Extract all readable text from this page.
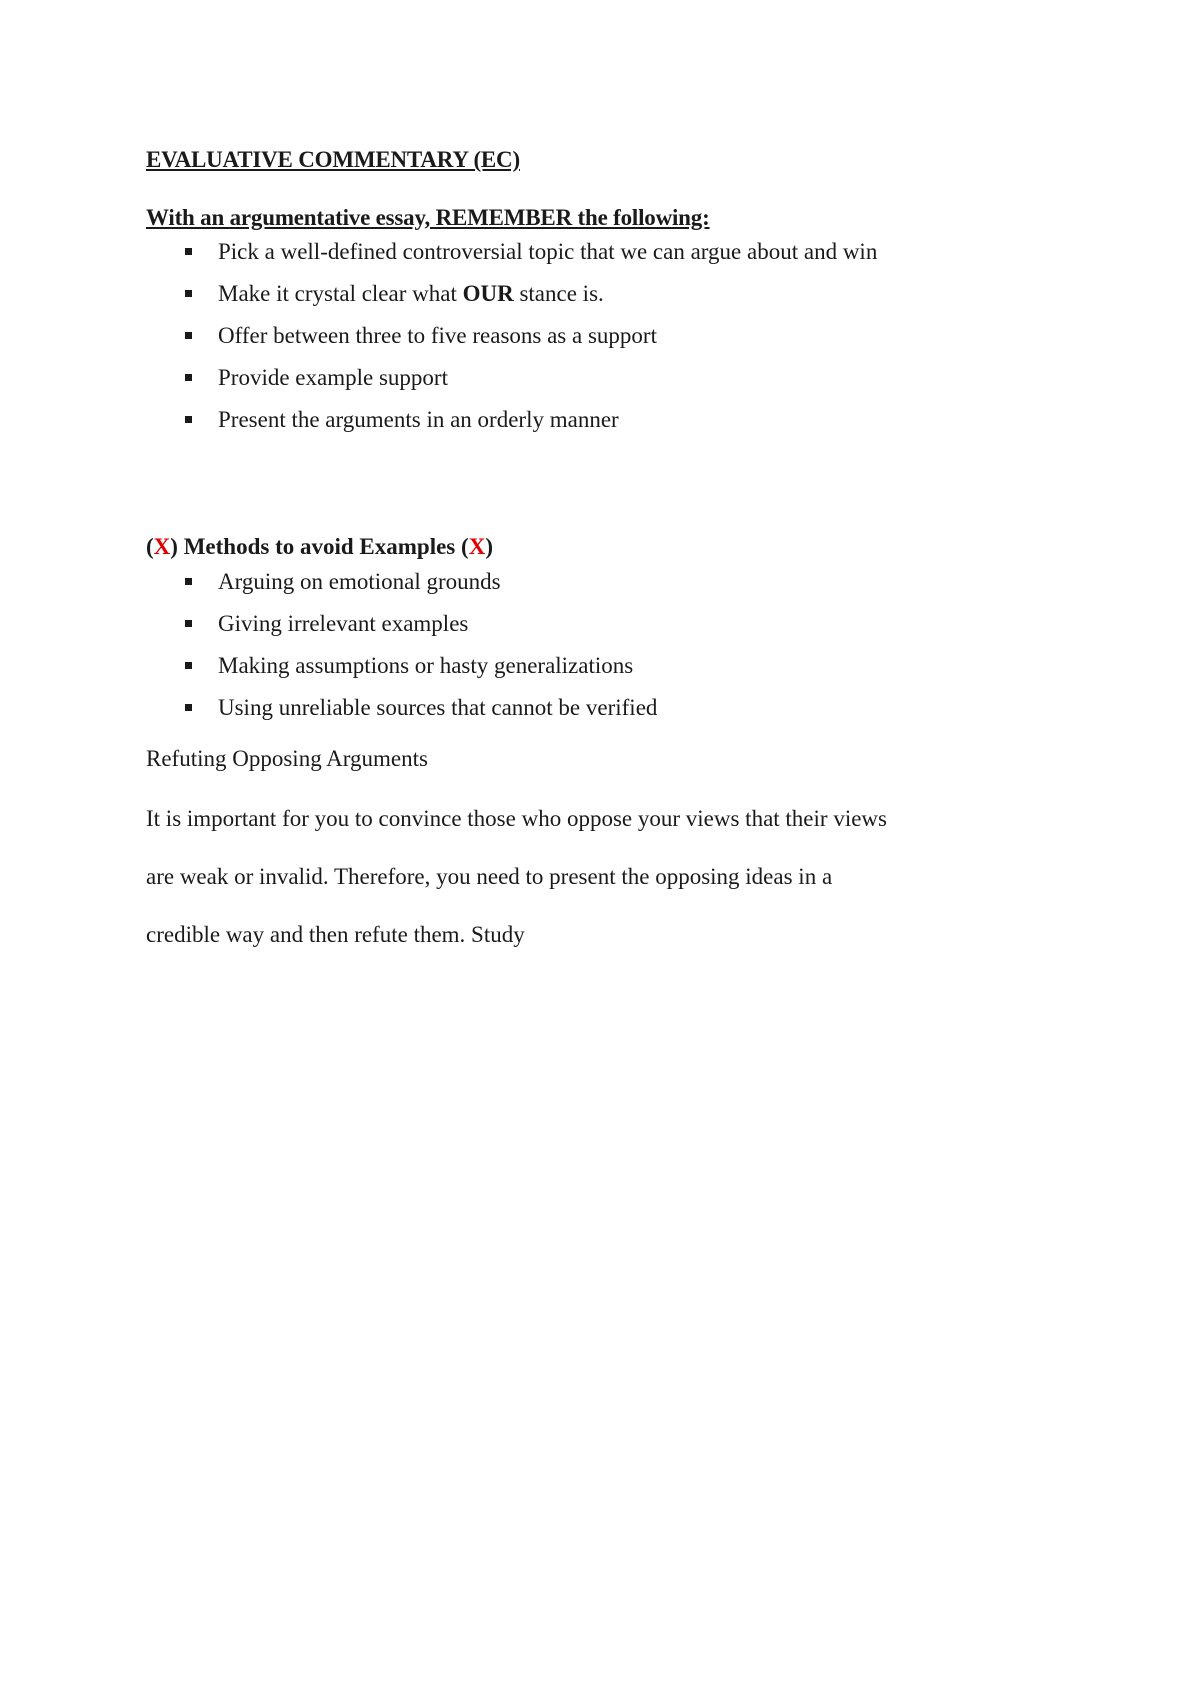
EVALUATIVE COMMENTARY (EC)

With an argumentative essay, REMEMBER the following:

Pick a well-defined controversial topic that we can argue about and win
Make it crystal clear what OUR stance is.
Offer between three to five reasons as a support
Provide example support
Present the arguments in an orderly manner

(X) Methods to avoid Examples (X)

Arguing on emotional grounds
Giving irrelevant examples
Making assumptions or hasty generalizations
Using unreliable sources that cannot be verified

Refuting Opposing Arguments

It is important for you to convince those who oppose your views that their views
are weak or invalid. Therefore, you need to present the opposing ideas in a
credible way and then refute them. Study
